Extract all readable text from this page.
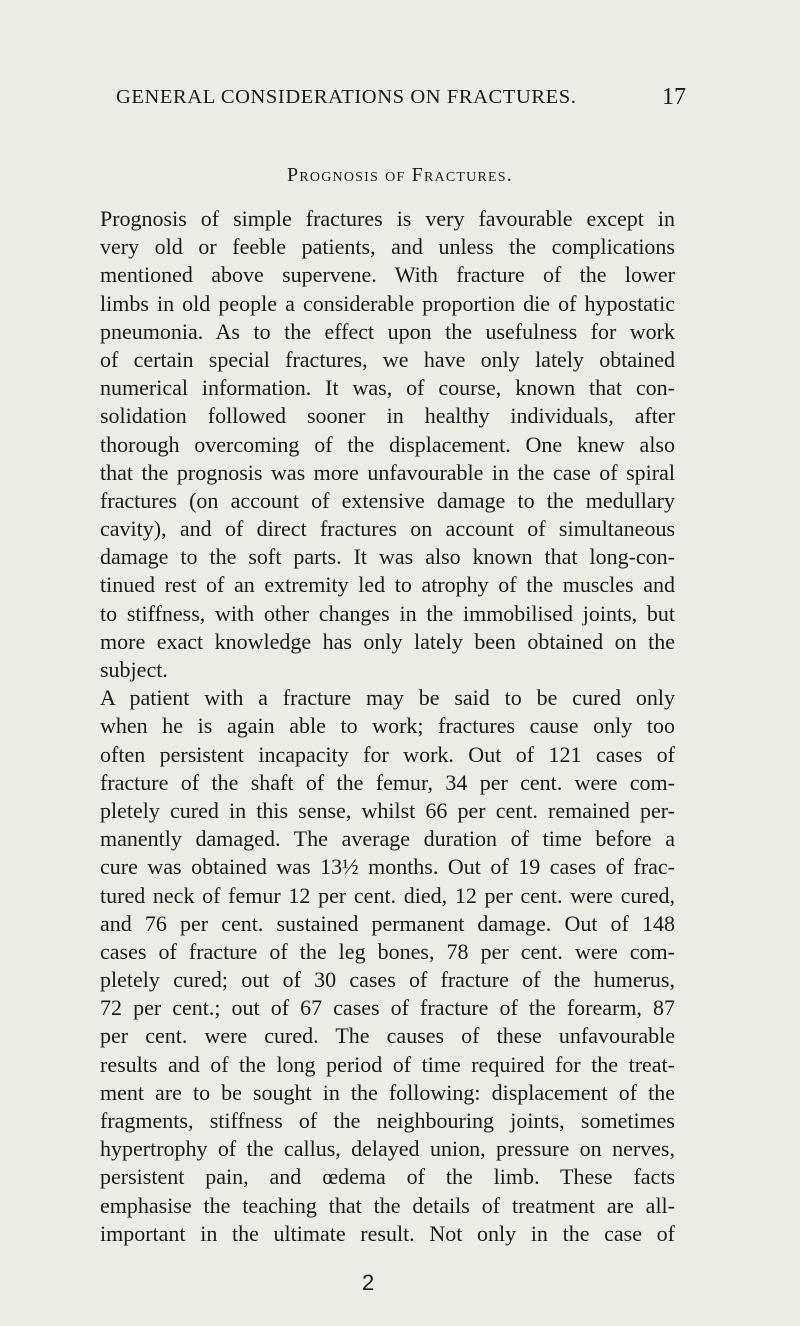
GENERAL CONSIDERATIONS ON FRACTURES.	17
Prognosis of Fractures.
Prognosis of simple fractures is very favourable except in
very old or feeble patients, and unless the complications
mentioned above supervene. With fracture of the lower
limbs in old people a considerable proportion die of hypostatic
pneumonia. As to the effect upon the usefulness for work
of certain special fractures, we have only lately obtained
numerical information. It was, of course, known that con-
solidation followed sooner in healthy individuals, after
thorough overcoming of the displacement. One knew also
that the prognosis was more unfavourable in the case of spiral
fractures (on account of extensive damage to the medullary
cavity), and of direct fractures on account of simultaneous
damage to the soft parts. It was also known that long-con-
tinued rest of an extremity led to atrophy of the muscles and
to stiffness, with other changes in the immobilised joints, but
more exact knowledge has only lately been obtained on the
subject.
A patient with a fracture may be said to be cured only
when he is again able to work; fractures cause only too
often persistent incapacity for work. Out of 121 cases of
fracture of the shaft of the femur, 34 per cent. were com-
pletely cured in this sense, whilst 66 per cent. remained per-
manently damaged. The average duration of time before a
cure was obtained was 13½ months. Out of 19 cases of frac-
tured neck of femur 12 per cent. died, 12 per cent. were cured,
and 76 per cent. sustained permanent damage. Out of 148
cases of fracture of the leg bones, 78 per cent. were com-
pletely cured; out of 30 cases of fracture of the humerus,
72 per cent.; out of 67 cases of fracture of the forearm, 87
per cent. were cured. The causes of these unfavourable
results and of the long period of time required for the treat-
ment are to be sought in the following: displacement of the
fragments, stiffness of the neighbouring joints, sometimes
hypertrophy of the callus, delayed union, pressure on nerves,
persistent pain, and œdema of the limb. These facts
emphasise the teaching that the details of treatment are all-
important in the ultimate result. Not only in the case of
2
